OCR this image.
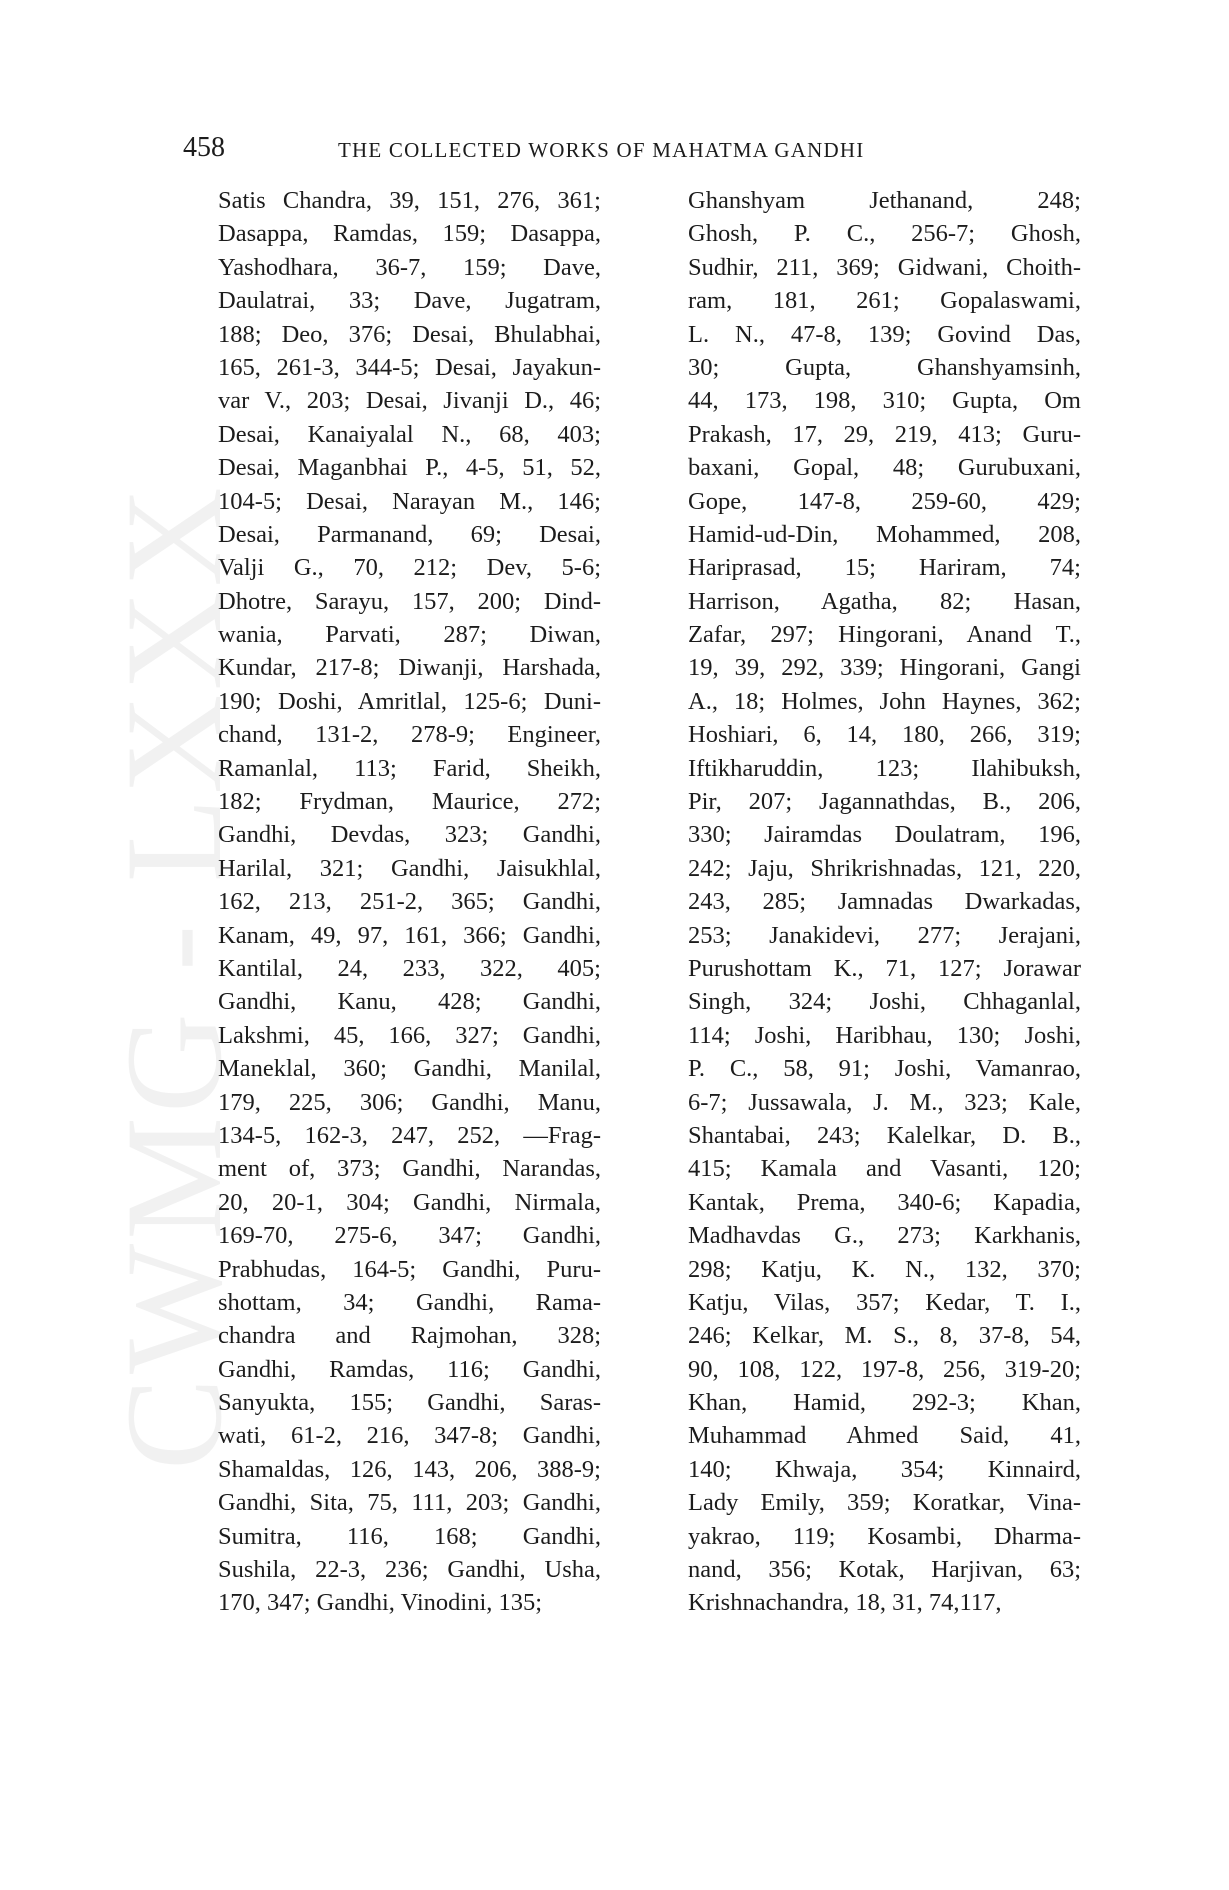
CWMG - LXXX
458	THE COLLECTED WORKS OF MAHATMA GANDHI
Satis Chandra, 39, 151, 276, 361;
Dasappa, Ramdas, 159; Dasappa,
Yashodhara, 36-7, 159; Dave,
Daulatrai, 33; Dave, Jugatram,
188; Deo, 376; Desai, Bhulabhai,
165, 261-3, 344-5; Desai, Jayakun-
var V., 203; Desai, Jivanji D., 46;
Desai, Kanaiyalal N., 68, 403;
Desai, Maganbhai P., 4-5, 51, 52,
104-5; Desai, Narayan M., 146;
Desai, Parmanand, 69; Desai,
Valji G., 70, 212; Dev, 5-6;
Dhotre, Sarayu, 157, 200; Dind-
wania, Parvati, 287; Diwan,
Kundar, 217-8; Diwanji, Harshada,
190; Doshi, Amritlal, 125-6; Duni-
chand, 131-2, 278-9; Engineer,
Ramanlal, 113; Farid, Sheikh,
182; Frydman, Maurice, 272;
Gandhi, Devdas, 323; Gandhi,
Harilal, 321; Gandhi, Jaisukhlal,
162, 213, 251-2, 365; Gandhi,
Kanam, 49, 97, 161, 366; Gandhi,
Kantilal, 24, 233, 322, 405;
Gandhi, Kanu, 428; Gandhi,
Lakshmi, 45, 166, 327; Gandhi,
Maneklal, 360; Gandhi, Manilal,
179, 225, 306; Gandhi, Manu,
134-5, 162-3, 247, 252, —Frag-
ment of, 373; Gandhi, Narandas,
20, 20-1, 304; Gandhi, Nirmala,
169-70, 275-6, 347; Gandhi,
Prabhudas, 164-5; Gandhi, Puru-
shottam, 34; Gandhi, Rama-
chandra and Rajmohan, 328;
Gandhi, Ramdas, 116; Gandhi,
Sanyukta, 155; Gandhi, Saras-
wati, 61-2, 216, 347-8; Gandhi,
Shamaldas, 126, 143, 206, 388-9;
Gandhi, Sita, 75, 111, 203; Gandhi,
Sumitra, 116, 168; Gandhi,
Sushila, 22-3, 236; Gandhi, Usha,
170, 347; Gandhi, Vinodini, 135;
Ghanshyam Jethanand, 248;
Ghosh, P. C., 256-7; Ghosh,
Sudhir, 211, 369; Gidwani, Choith-
ram, 181, 261; Gopalaswami,
L. N., 47-8, 139; Govind Das,
30; Gupta, Ghanshyamsinh,
44, 173, 198, 310; Gupta, Om
Prakash, 17, 29, 219, 413; Guru-
baxani, Gopal, 48; Gurubuxani,
Gope, 147-8, 259-60, 429;
Hamid-ud-Din, Mohammed, 208,
Hariprasad, 15; Hariram, 74;
Harrison, Agatha, 82; Hasan,
Zafar, 297; Hingorani, Anand T.,
19, 39, 292, 339; Hingorani, Gangi
A., 18; Holmes, John Haynes, 362;
Hoshiari, 6, 14, 180, 266, 319;
Iftikharuddin, 123; Ilahibuksh,
Pir, 207; Jagannathdas, B., 206,
330; Jairamdas Doulatram, 196,
242; Jaju, Shrikrishnadas, 121, 220,
243, 285; Jamnadas Dwarkadas,
253; Janakidevi, 277; Jerajani,
Purushottam K., 71, 127; Jorawar
Singh, 324; Joshi, Chhaganlal,
114; Joshi, Haribhau, 130; Joshi,
P. C., 58, 91; Joshi, Vamanrao,
6-7; Jussawala, J. M., 323; Kale,
Shantabai, 243; Kalelkar, D. B.,
415; Kamala and Vasanti, 120;
Kantak, Prema, 340-6; Kapadia,
Madhavdas G., 273; Karkhanis,
298; Katju, K. N., 132, 370;
Katju, Vilas, 357; Kedar, T. I.,
246; Kelkar, M. S., 8, 37-8, 54,
90, 108, 122, 197-8, 256, 319-20;
Khan, Hamid, 292-3; Khan,
Muhammad Ahmed Said, 41,
140; Khwaja, 354; Kinnaird,
Lady Emily, 359; Koratkar, Vina-
yakrao, 119; Kosambi, Dharma-
nand, 356; Kotak, Harjivan, 63;
Krishnachandra, 18, 31, 74,117,
